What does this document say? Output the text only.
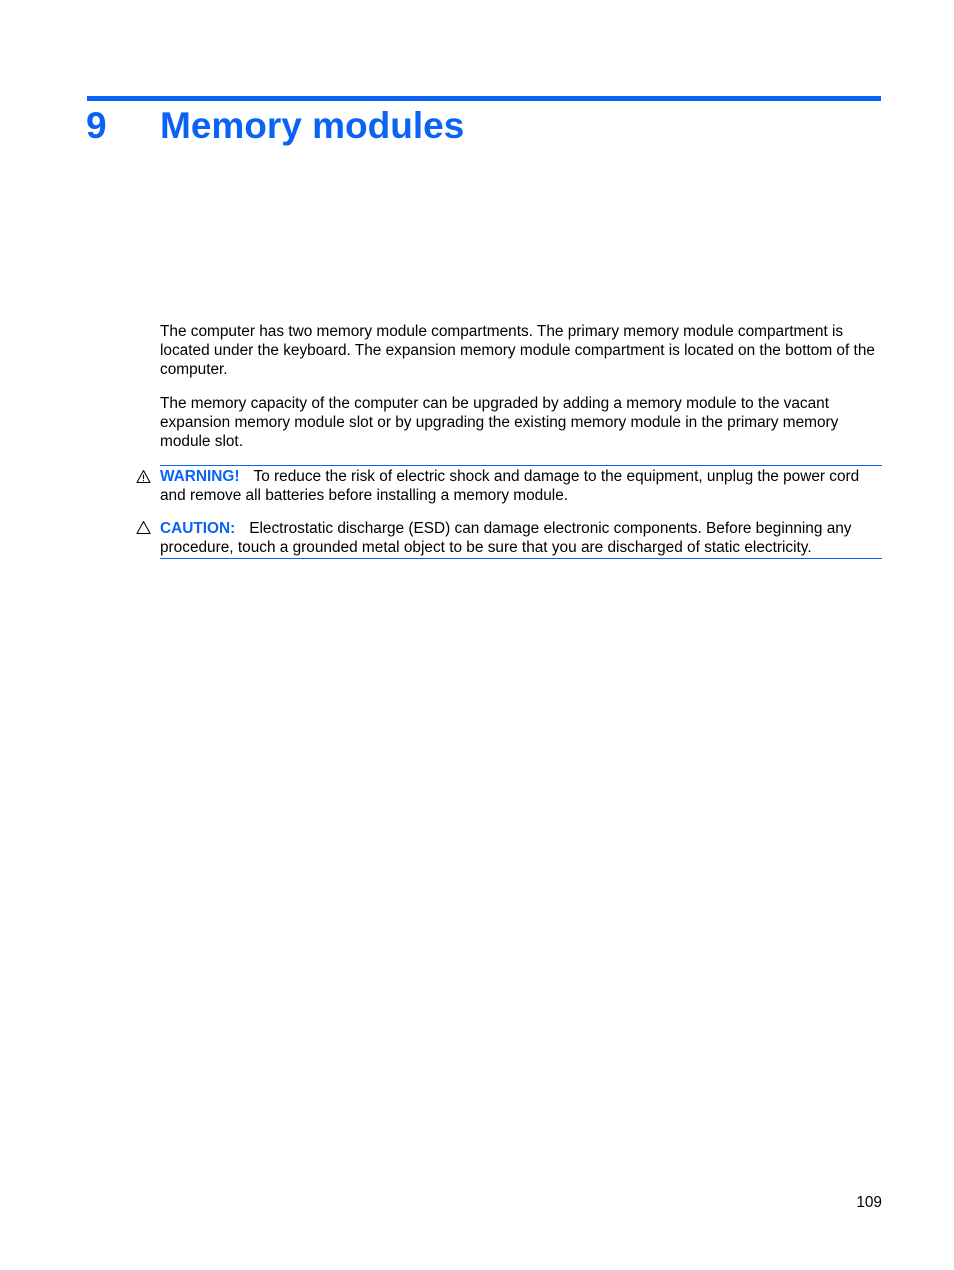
9 Memory modules

The computer has two memory module compartments. The primary memory module compartment is located under the keyboard. The expansion memory module compartment is located on the bottom of the computer.

The memory capacity of the computer can be upgraded by adding a memory module to the vacant expansion memory module slot or by upgrading the existing memory module in the primary memory module slot.

WARNING! To reduce the risk of electric shock and damage to the equipment, unplug the power cord and remove all batteries before installing a memory module.

CAUTION: Electrostatic discharge (ESD) can damage electronic components. Before beginning any procedure, touch a grounded metal object to be sure that you are discharged of static electricity.

109
